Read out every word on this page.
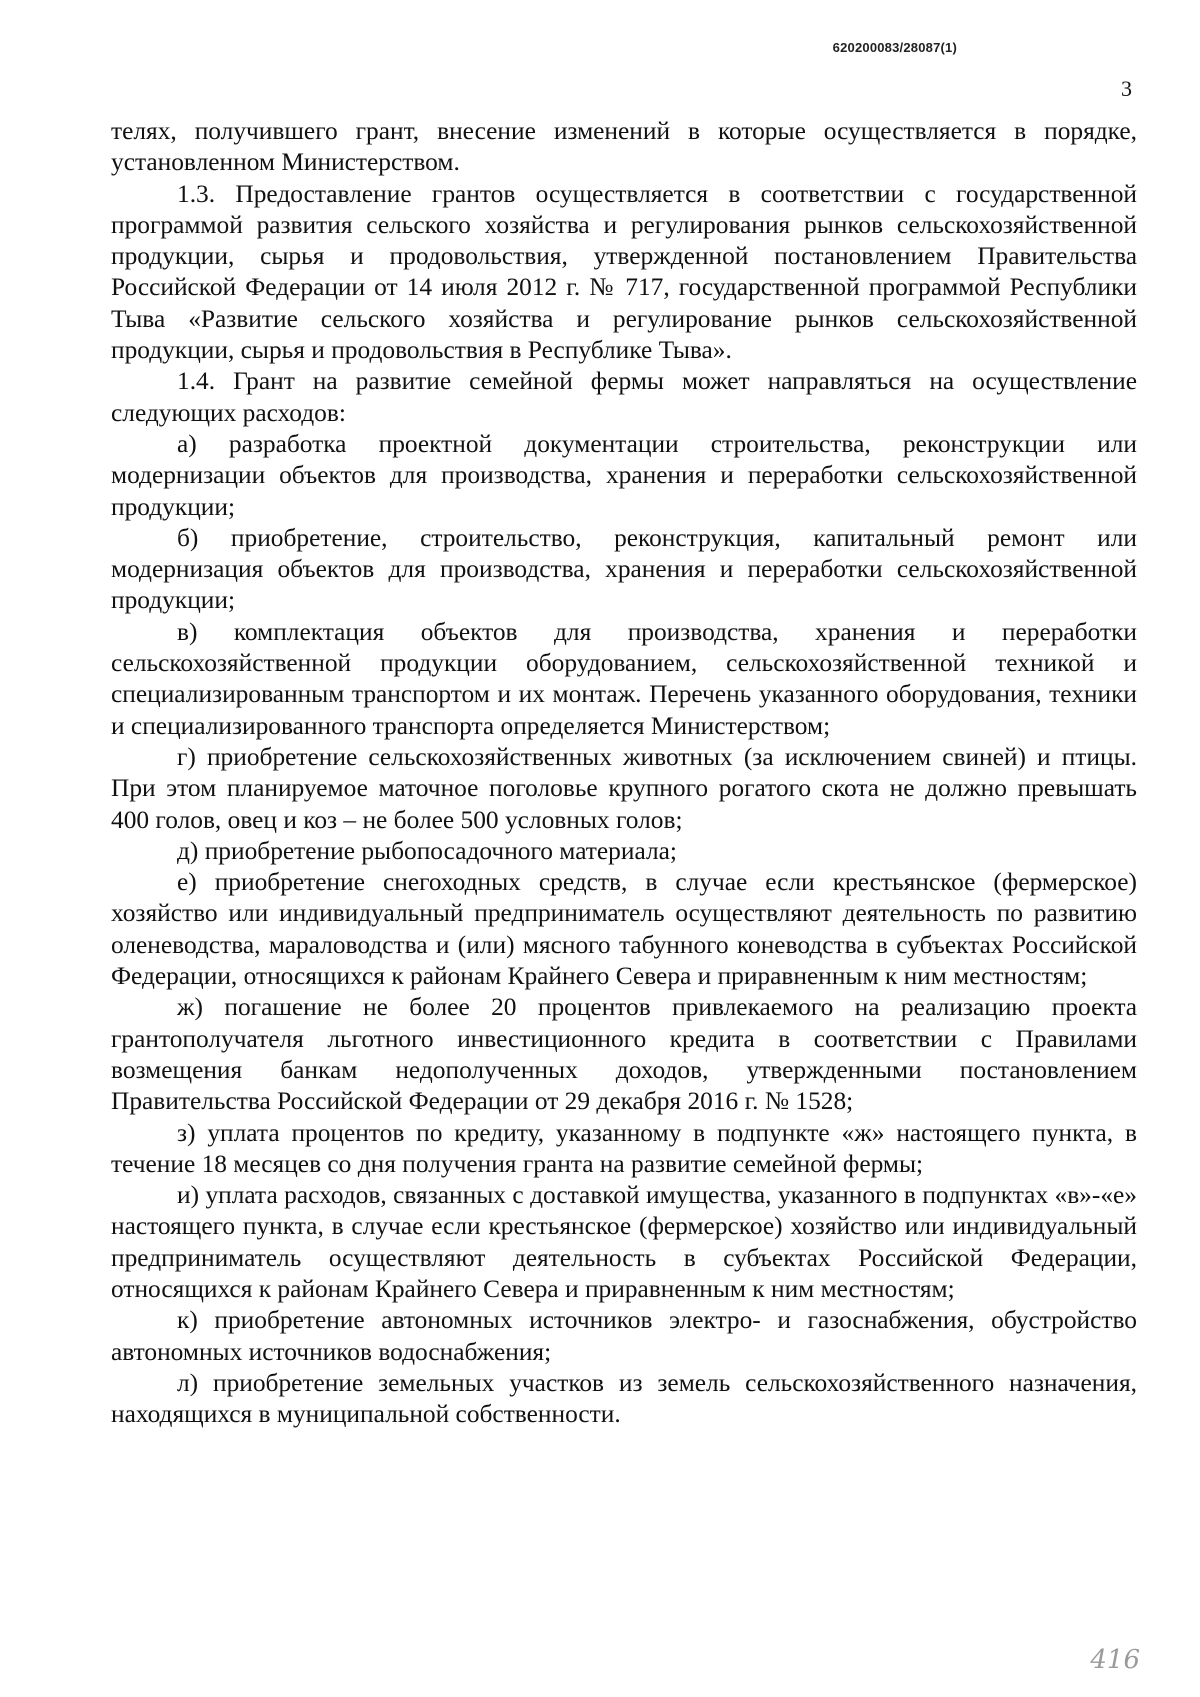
620200083/28087(1)
3

телях, получившего грант, внесение изменений в которые осуществляется в порядке, установленном Министерством.

1.3. Предоставление грантов осуществляется в соответствии с государственной программой развития сельского хозяйства и регулирования рынков сельскохозяйственной продукции, сырья и продовольствия, утвержденной постановлением Правительства Российской Федерации от 14 июля 2012 г. № 717, государственной программой Республики Тыва «Развитие сельского хозяйства и регулирование рынков сельскохозяйственной продукции, сырья и продовольствия в Республике Тыва».

1.4. Грант на развитие семейной фермы может направляться на осуществление следующих расходов:

а) разработка проектной документации строительства, реконструкции или модернизации объектов для производства, хранения и переработки сельскохозяйственной продукции;

б) приобретение, строительство, реконструкция, капитальный ремонт или модернизация объектов для производства, хранения и переработки сельскохозяйственной продукции;

в) комплектация объектов для производства, хранения и переработки сельскохозяйственной продукции оборудованием, сельскохозяйственной техникой и специализированным транспортом и их монтаж. Перечень указанного оборудования, техники и специализированного транспорта определяется Министерством;

г) приобретение сельскохозяйственных животных (за исключением свиней) и птицы. При этом планируемое маточное поголовье крупного рогатого скота не должно превышать 400 голов, овец и коз – не более 500 условных голов;

д) приобретение рыбопосадочного материала;

е) приобретение снегоходных средств, в случае если крестьянское (фермерское) хозяйство или индивидуальный предприниматель осуществляют деятельность по развитию оленеводства, мараловодства и (или) мясного табунного коневодства в субъектах Российской Федерации, относящихся к районам Крайнего Севера и приравненным к ним местностям;

ж) погашение не более 20 процентов привлекаемого на реализацию проекта грантополучателя льготного инвестиционного кредита в соответствии с Правилами возмещения банкам недополученных доходов, утвержденными постановлением Правительства Российской Федерации от 29 декабря 2016 г. № 1528;

з) уплата процентов по кредиту, указанному в подпункте «ж» настоящего пункта, в течение 18 месяцев со дня получения гранта на развитие семейной фермы;

и) уплата расходов, связанных с доставкой имущества, указанного в подпунктах «в»-«е» настоящего пункта, в случае если крестьянское (фермерское) хозяйство или индивидуальный предприниматель осуществляют деятельность в субъектах Российской Федерации, относящихся к районам Крайнего Севера и приравненным к ним местностям;

к) приобретение автономных источников электро- и газоснабжения, обустройство автономных источников водоснабжения;

л) приобретение земельных участков из земель сельскохозяйственного назначения, находящихся в муниципальной собственности.

416
